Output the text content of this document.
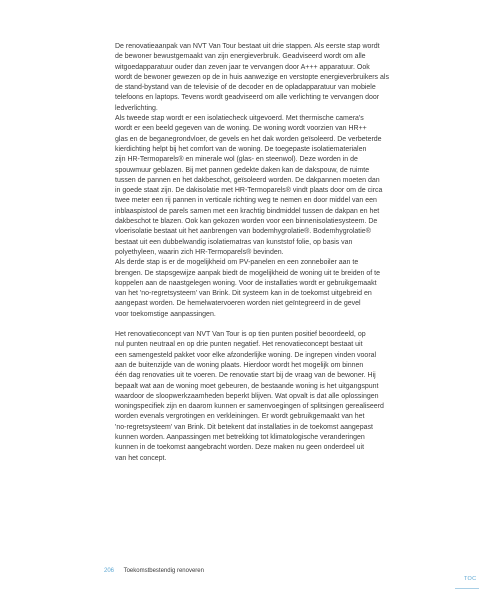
De renovatieaanpak van NVT Van Tour bestaat uit drie stappen. Als eerste stap wordt
de bewoner bewustgemaakt van zijn energieverbruik. Geadviseerd wordt om alle
witgoedapparatuur ouder dan zeven jaar te vervangen door A+++ apparatuur. Ook
wordt de bewoner gewezen op de in huis aanwezige en verstopte energieverbruikers als
de stand-bystand van de televisie of de decoder en de opladapparatuur van mobiele
telefoons en laptops. Tevens wordt geadviseerd om alle verlichting te vervangen door
ledverlichting.

Als tweede stap wordt er een isolatiecheck uitgevoerd. Met thermische camera's
wordt er een beeld gegeven van de woning. De woning wordt voorzien van HR++
glas en de beganegrondvloer, de gevels en het dak worden geïsoleerd. De verbeterde
kierdichting helpt bij het comfort van de woning. De toegepaste isolatiematerialen
zijn HR-Termoparels® en minerale wol (glas- en steenwol). Deze worden in de
spouwmuur geblazen. Bij met pannen gedekte daken kan de dakspouw, de ruimte
tussen de pannen en het dakbeschot, geïsoleerd worden. De dakpannen moeten dan
in goede staat zijn. De dakisolatie met HR-Termoparels® vindt plaats door om de circa
twee meter een rij pannen in verticale richting weg te nemen en door middel van een
inblaaspistool de parels samen met een krachtig bindmiddel tussen de dakpan en het
dakbeschot te blazen. Ook kan gekozen worden voor een binnenisolatiesysteem. De
vloerisolatie bestaat uit het aanbrengen van bodemhygrolatie®. Bodemhygrolatie®
bestaat uit een dubbelwandig isolatiematras van kunststof folie, op basis van
polyethyleen, waarin zich HR-Termoparels® bevinden.

Als derde stap is er de mogelijkheid om PV-panelen en een zonneboiler aan te
brengen. De stapsgewijze aanpak biedt de mogelijkheid de woning uit te breiden of te
koppelen aan de naastgelegen woning. Voor de installaties wordt er gebruikgemaakt
van het 'no-regretsysteem' van Brink. Dit systeem kan in de toekomst uitgebreid en
aangepast worden. De hemelwatervoeren worden niet geïntegreerd in de gevel
voor toekomstige aanpassingen.

Het renovatieconcept van NVT Van Tour is op tien punten positief beoordeeld, op
nul punten neutraal en op drie punten negatief. Het renovatieconcept bestaat uit
een samengesteld pakket voor elke afzonderlijke woning. De ingrepen vinden vooral
aan de buitenzijde van de woning plaats. Hierdoor wordt het mogelijk om binnen
één dag renovaties uit te voeren. De renovatie start bij de vraag van de bewoner. Hij
bepaalt wat aan de woning moet gebeuren, de bestaande woning is het uitgangspunt
waardoor de sloopwerkzaamheden beperkt blijven. Wat opvalt is dat alle oplossingen
woningspecifiek zijn en daarom kunnen er samenvoegingen of splitsingen gerealiseerd
worden evenals vergrotingen en verkleiningen. Er wordt gebruikgemaakt van het
'no-regretsysteem' van Brink. Dit betekent dat installaties in de toekomst aangepast
kunnen worden. Aanpassingen met betrekking tot klimatologische veranderingen
kunnen in de toekomst aangebracht worden. Deze maken nu geen onderdeel uit
van het concept.

206 Toekomstbestendig renoveren
TOC
